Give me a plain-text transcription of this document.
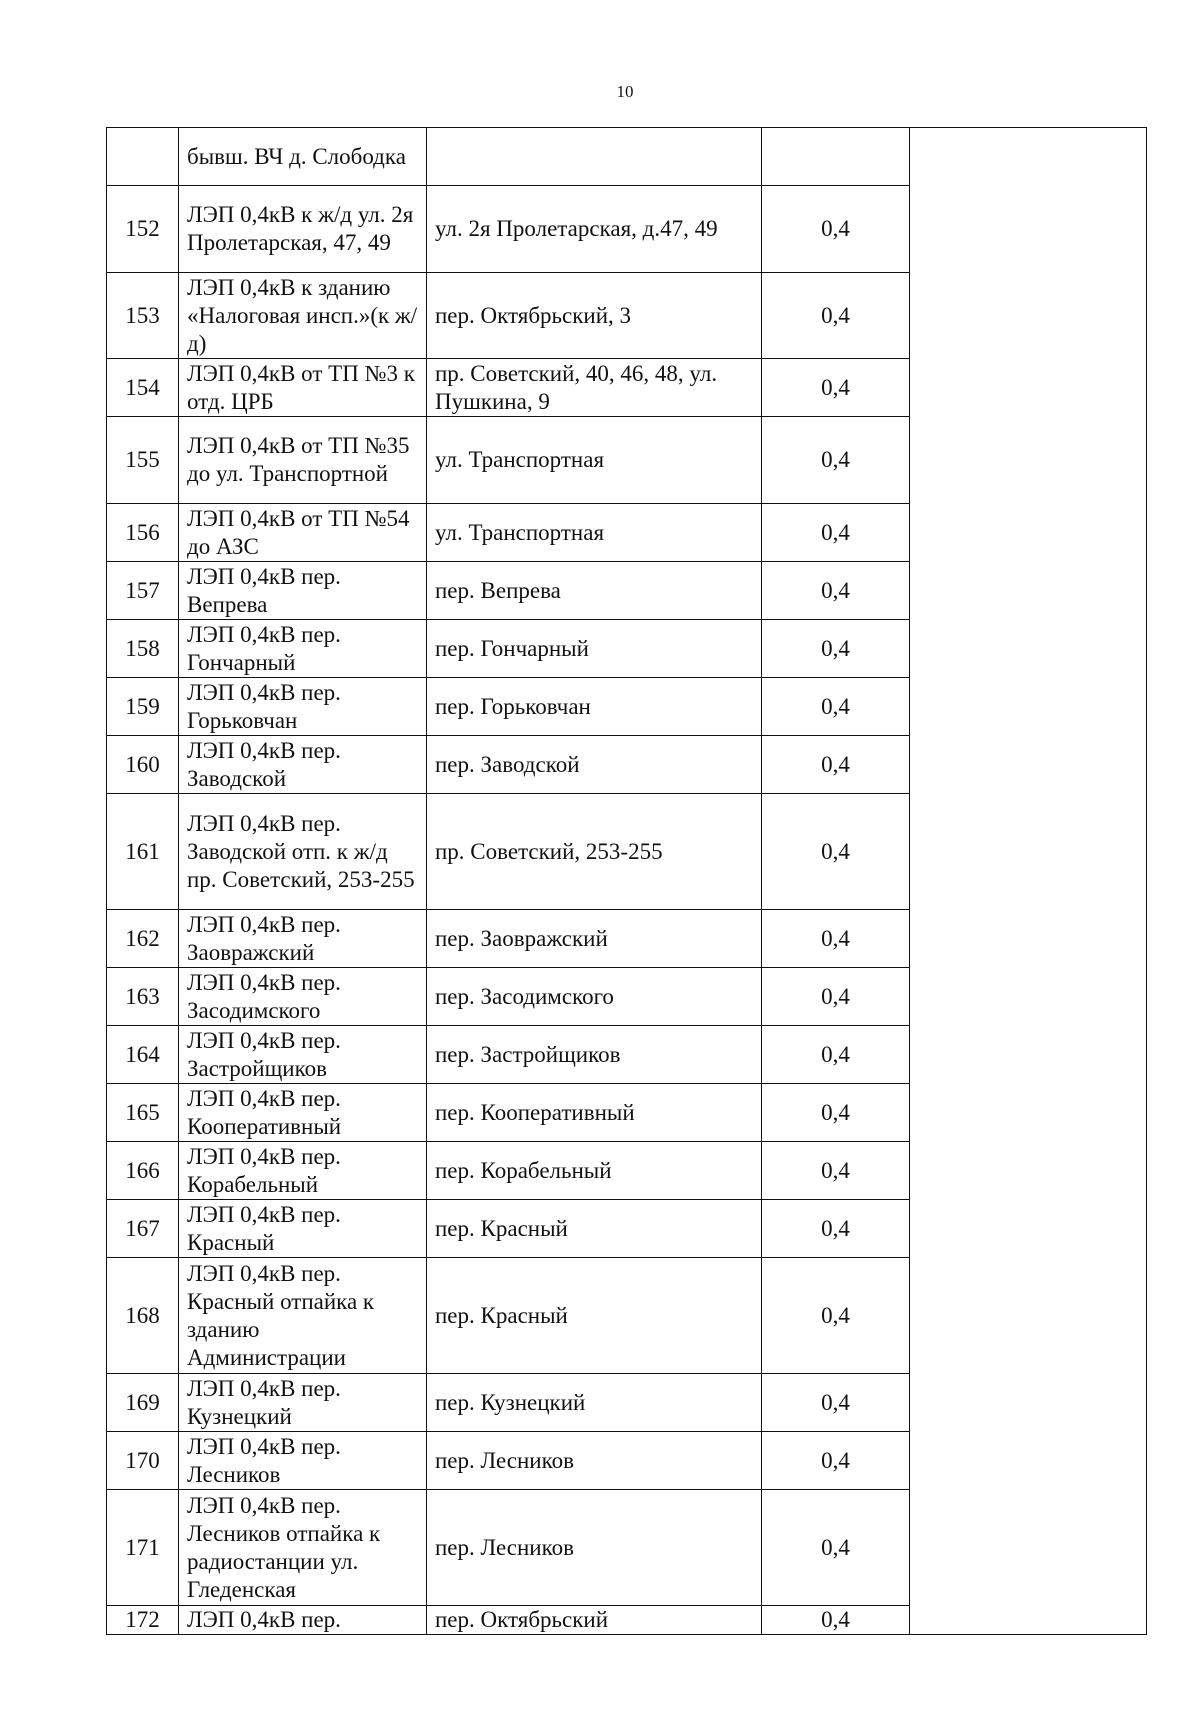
10
	бывш. ВЧ д. Слободка			
152	ЛЭП 0,4кВ к ж/д ул. 2я Пролетарская, 47, 49	ул. 2я Пролетарская, д.47, 49	0,4	
153	ЛЭП 0,4кВ к зданию «Налоговая инсп.»(к ж/д)	пер. Октябрьский, 3	0,4	
154	ЛЭП 0,4кВ от ТП №3 к отд. ЦРБ	пр. Советский, 40, 46, 48, ул. Пушкина, 9	0,4	
155	ЛЭП 0,4кВ от ТП №35 до ул. Транспортной	ул. Транспортная	0,4	
156	ЛЭП 0,4кВ от ТП №54 до АЗС	ул. Транспортная	0,4	
157	ЛЭП 0,4кВ пер. Вепрева	пер. Вепрева	0,4	
158	ЛЭП 0,4кВ пер. Гончарный	пер. Гончарный	0,4	
159	ЛЭП 0,4кВ пер. Горьковчан	пер. Горьковчан	0,4	
160	ЛЭП 0,4кВ пер. Заводской	пер. Заводской	0,4	
161	ЛЭП 0,4кВ пер. Заводской отп. к ж/д пр. Советский, 253-255	пр. Советский, 253-255	0,4	
162	ЛЭП 0,4кВ пер. Заовражский	пер. Заовражский	0,4	
163	ЛЭП 0,4кВ пер. Засодимского	пер. Засодимского	0,4	
164	ЛЭП 0,4кВ пер. Застройщиков	пер. Застройщиков	0,4	
165	ЛЭП 0,4кВ пер. Кооперативный	пер. Кооперативный	0,4	
166	ЛЭП 0,4кВ пер. Корабельный	пер. Корабельный	0,4	
167	ЛЭП 0,4кВ пер. Красный	пер. Красный	0,4	
168	ЛЭП 0,4кВ пер. Красный отпайка к зданию Администрации	пер. Красный	0,4	
169	ЛЭП 0,4кВ пер. Кузнецкий	пер. Кузнецкий	0,4	
170	ЛЭП 0,4кВ пер. Лесников	пер. Лесников	0,4	
171	ЛЭП 0,4кВ пер. Лесников отпайка к радиостанции ул. Гледенская	пер. Лесников	0,4	
172	ЛЭП 0,4кВ пер.	пер. Октябрьский	0,4	
